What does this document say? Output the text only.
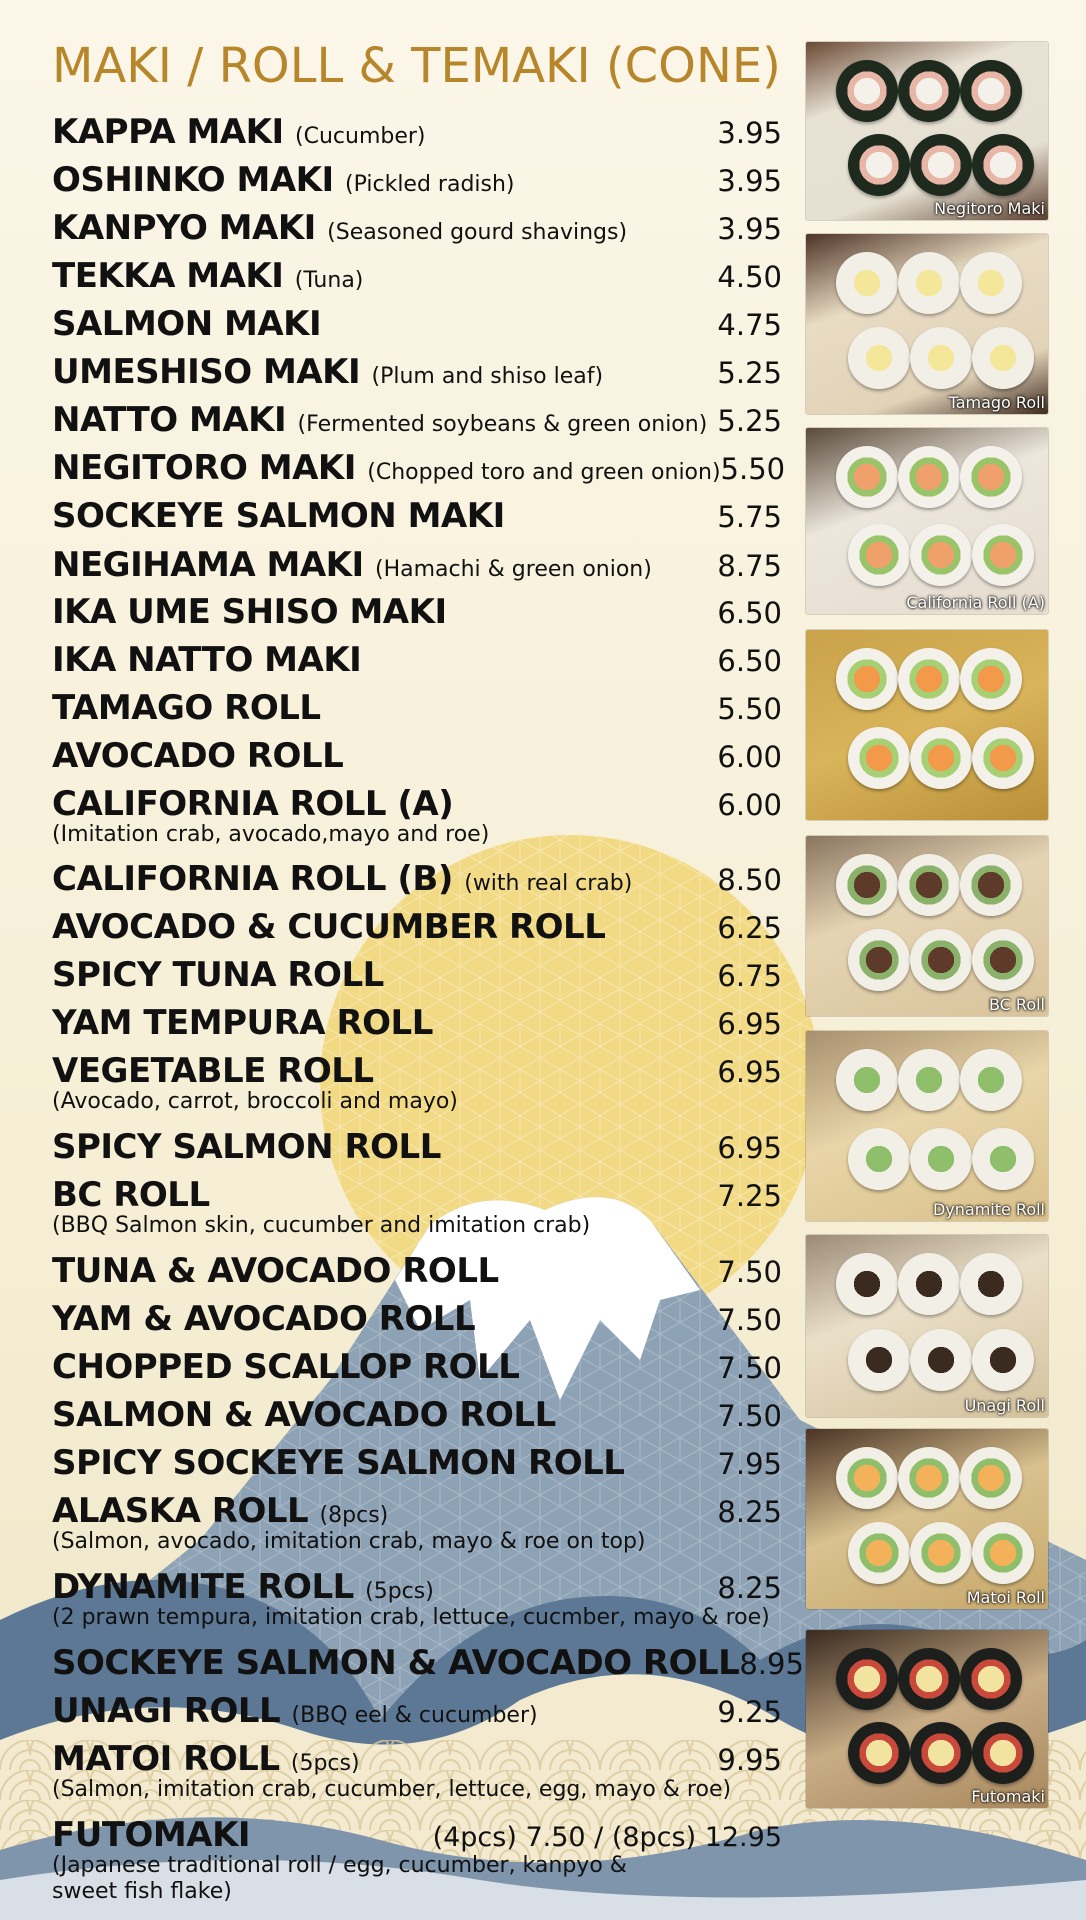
MAKI / ROLL & TEMAKI (CONE)
KAPPA MAKI (Cucumber)	3.95
OSHINKO MAKI (Pickled radish)	3.95
KANPYO MAKI (Seasoned gourd shavings)	3.95
TEKKA MAKI (Tuna)	4.50
SALMON MAKI	4.75
UMESHISO MAKI (Plum and shiso leaf)	5.25
NATTO MAKI (Fermented soybeans & green onion) 5.25
NEGITORO MAKI (Chopped toro and green onion) 5.50
SOCKEYE SALMON MAKI	5.75
NEGIHAMA MAKI (Hamachi & green onion) 8.75
IKA UME SHISO MAKI	6.50
IKA NATTO MAKI	6.50
TAMAGO ROLL	5.50
AVOCADO ROLL	6.00
CALIFORNIA ROLL (A)	6.00
(Imitation crab, avocado,mayo and roe)
CALIFORNIA ROLL (B) (with real crab)	8.50
AVOCADO & CUCUMBER ROLL	6.25
SPICY TUNA ROLL	6.75
YAM TEMPURA ROLL	6.95
VEGETABLE ROLL	6.95
(Avocado, carrot, broccoli and mayo)
SPICY SALMON ROLL	6.95
BC ROLL	7.25
(BBQ Salmon skin, cucumber and imitation crab)
TUNA & AVOCADO ROLL	7.50
YAM & AVOCADO ROLL	7.50
CHOPPED SCALLOP ROLL	7.50
SALMON & AVOCADO ROLL	7.50
SPICY SOCKEYE SALMON ROLL	7.95
ALASKA ROLL (8pcs)	8.25
(Salmon, avocado, imitation crab, mayo & roe on top)
DYNAMITE ROLL (5pcs)	8.25
(2 prawn tempura, imitation crab, lettuce, cucmber, mayo & roe)
SOCKEYE SALMON & AVOCADO ROLL 8.95
UNAGI ROLL (BBQ eel & cucumber)	9.25
MATOI ROLL (5pcs)	9.95
(Salmon, imitation crab, cucumber, lettuce, egg, mayo & roe)
FUTOMAKI	(4pcs) 7.50 / (8pcs) 12.95
(Japanese traditional roll / egg, cucumber, kanpyo &
sweet fish flake)
Negitoro Maki
Tamago Roll
California Roll (A)
BC Roll
Dynamite Roll
Unagi Roll
Matoi Roll
Futomaki
